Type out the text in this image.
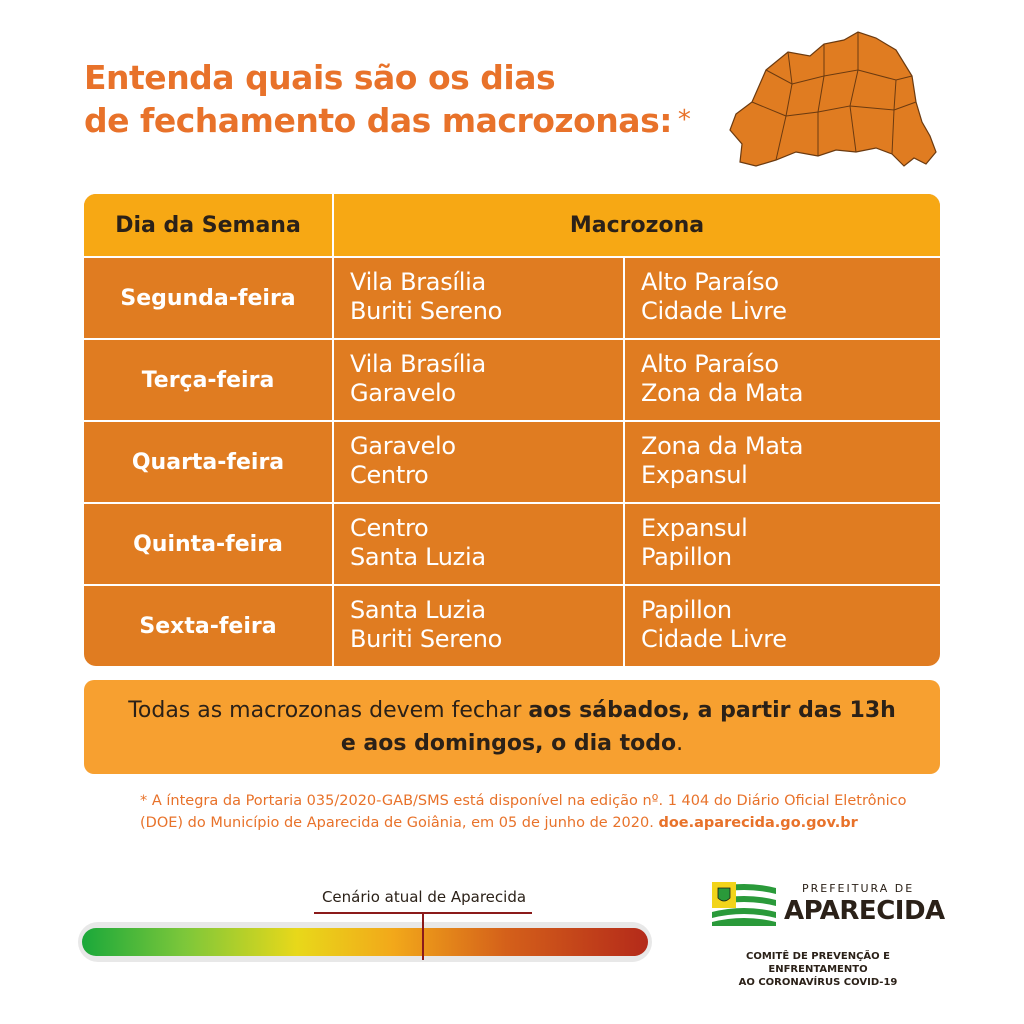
Entenda quais são os dias
de fechamento das macrozonas: *
Dia da Semana	Macrozona
Segunda-feira
Vila Brasília
Buriti Sereno
Alto Paraíso
Cidade Livre
Terça-feira
Vila Brasília
Garavelo
Alto Paraíso
Zona da Mata
Quarta-feira
Garavelo
Centro
Zona da Mata
Expansul
Quinta-feira
Centro
Santa Luzia
Expansul
Papillon
Sexta-feira
Santa Luzia
Buriti Sereno
Papillon
Cidade Livre
Todas as macrozonas devem fechar aos sábados, a partir das 13h
e aos domingos, o dia todo.
* A íntegra da Portaria 035/2020-GAB/SMS está disponível na edição nº. 1 404 do Diário Oficial Eletrônico
(DOE) do Município de Aparecida de Goiânia, em 05 de junho de 2020. doe.aparecida.go.gov.br
Cenário atual de Aparecida	PREFEITURA DE
APARECIDA
COMITÊ DE PREVENÇÃO E ENFRENTAMENTO
AO CORONAVÍRUS COVID-19
